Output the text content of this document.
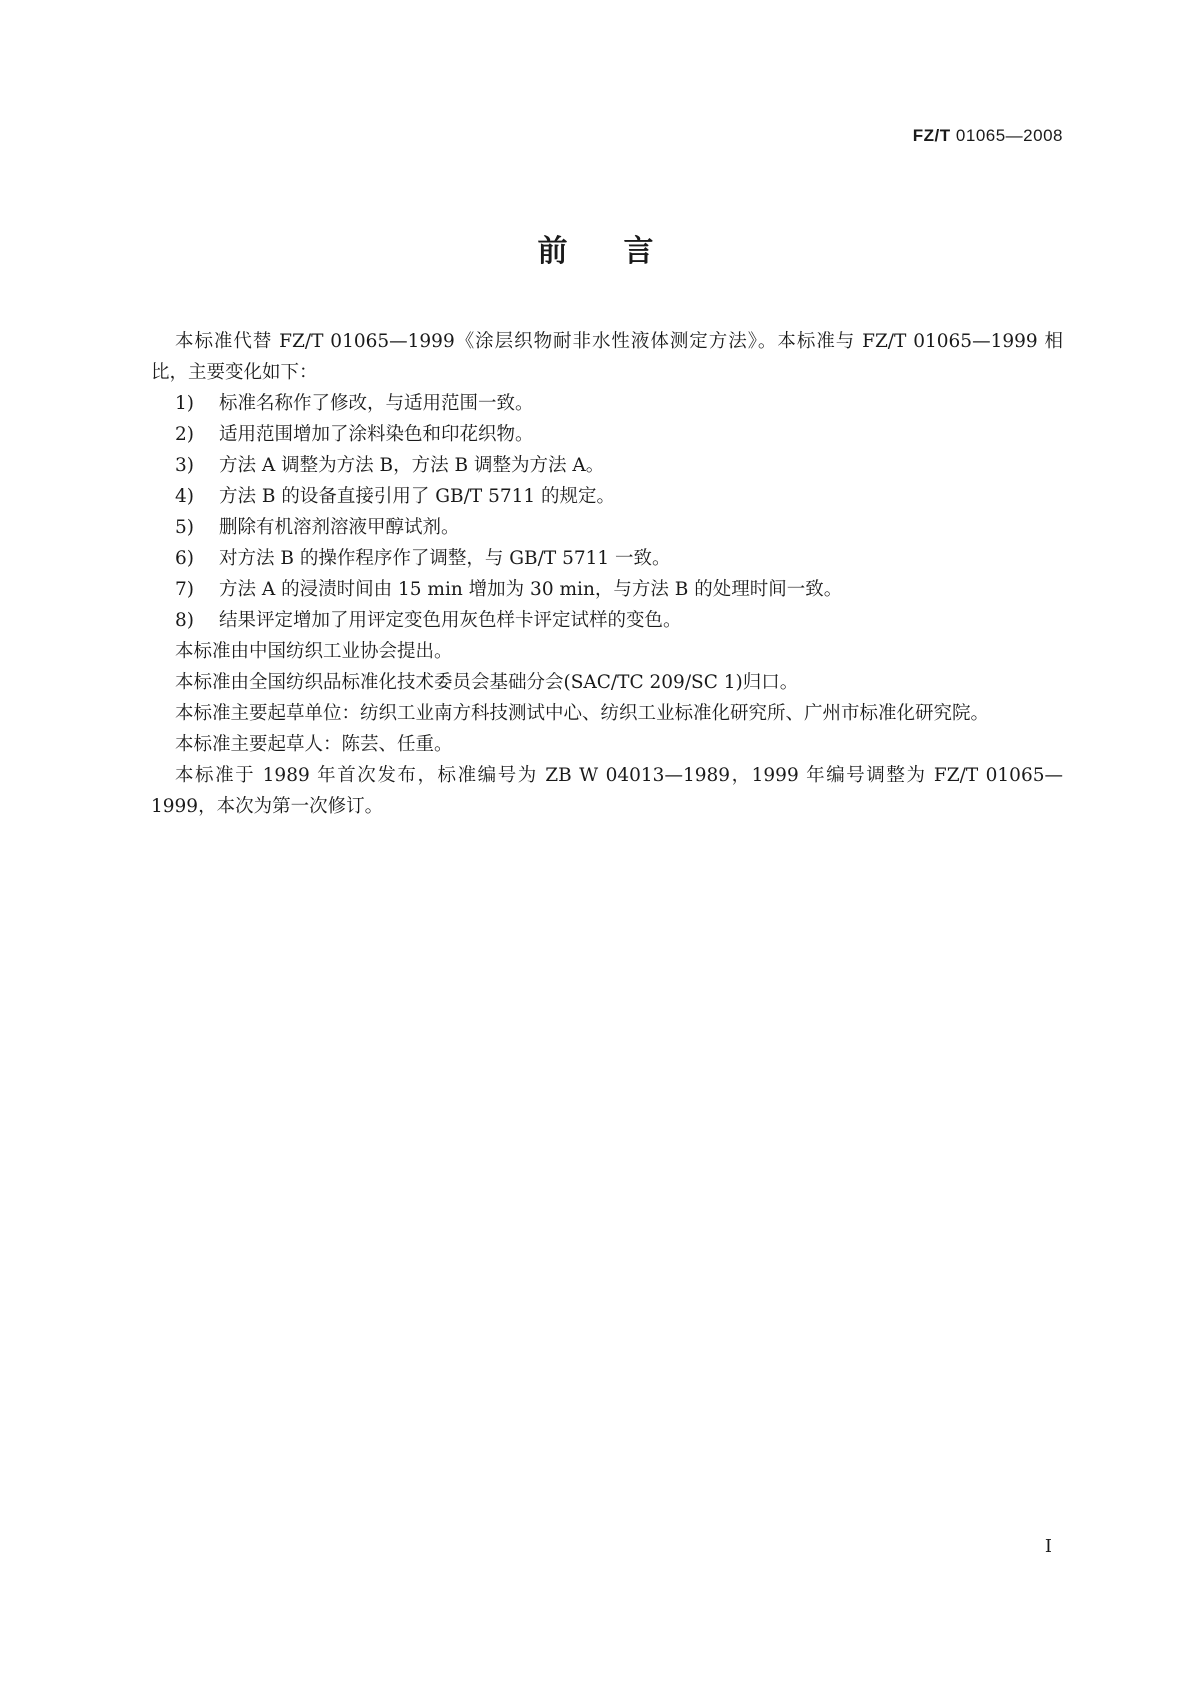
FZ/T 01065—2008
前言

本标准代替 FZ/T 01065—1999《涂层织物耐非水性液体测定方法》。本标准与 FZ/T 01065—1999 相比，主要变化如下：

1)	标准名称作了修改，与适用范围一致。

2)	适用范围增加了涂料染色和印花织物。

3)	方法 A 调整为方法 B，方法 B 调整为方法 A。

4)	方法 B 的设备直接引用了 GB/T 5711 的规定。

5)	删除有机溶剂溶液甲醇试剂。

6)	对方法 B 的操作程序作了调整，与 GB/T 5711 一致。

7)	方法 A 的浸渍时间由 15 min 增加为 30 min，与方法 B 的处理时间一致。

8)	结果评定增加了用评定变色用灰色样卡评定试样的变色。

本标准由中国纺织工业协会提出。

本标准由全国纺织品标准化技术委员会基础分会(SAC/TC 209/SC 1)归口。

本标准主要起草单位：纺织工业南方科技测试中心、纺织工业标准化研究所、广州市标准化研究院。

本标准主要起草人：陈芸、任重。

本标准于 1989 年首次发布，标准编号为 ZB W 04013—1989，1999 年编号调整为 FZ/T 01065—1999，本次为第一次修订。

I
